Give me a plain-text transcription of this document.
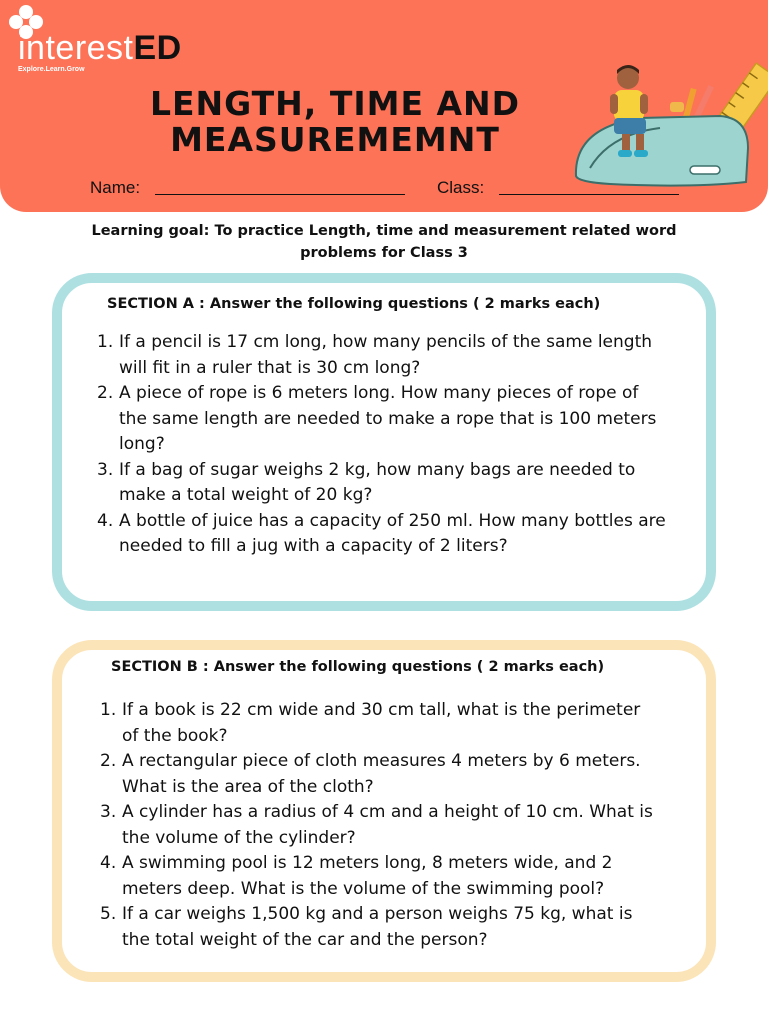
interestED
Explore.Learn.Grow
LENGTH, TIME AND
MEASUREMEMNT
Name:	Class:
Learning goal: To practice Length, time and measurement related word
problems for Class 3
SECTION A : Answer the following questions ( 2 marks each)
1. If a pencil is 17 cm long, how many pencils of the same length
will fit in a ruler that is 30 cm long?
2. A piece of rope is 6 meters long. How many pieces of rope of
the same length are needed to make a rope that is 100 meters
long?
3. If a bag of sugar weighs 2 kg, how many bags are needed to
make a total weight of 20 kg?
4. A bottle of juice has a capacity of 250 ml. How many bottles are
needed to fill a jug with a capacity of 2 liters?
SECTION B : Answer the following questions ( 2 marks each)
1. If a book is 22 cm wide and 30 cm tall, what is the perimeter
of the book?
2. A rectangular piece of cloth measures 4 meters by 6 meters.
What is the area of the cloth?
3. A cylinder has a radius of 4 cm and a height of 10 cm. What is
the volume of the cylinder?
4. A swimming pool is 12 meters long, 8 meters wide, and 2
meters deep. What is the volume of the swimming pool?
5. If a car weighs 1,500 kg and a person weighs 75 kg, what is
the total weight of the car and the person?
